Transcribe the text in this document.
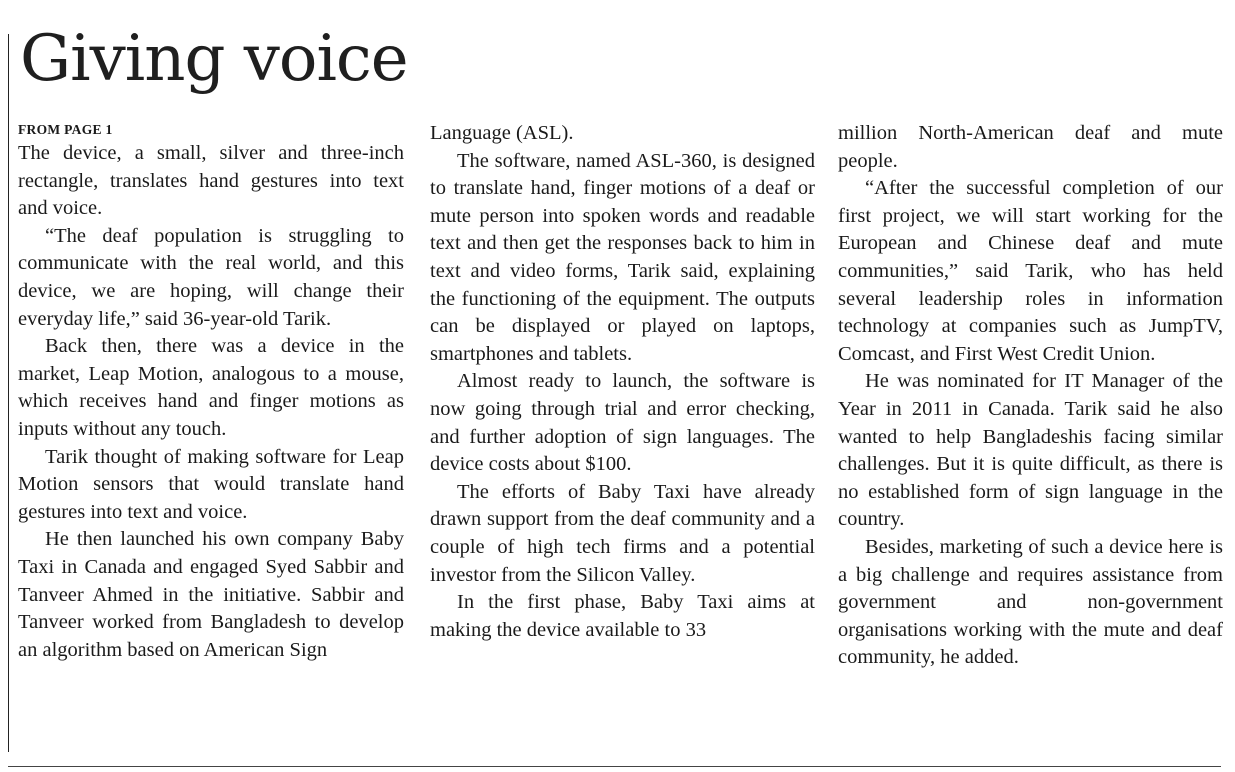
Giving voice
FROM PAGE 1

The device, a small, silver and three-inch rectangle, translates hand gestures into text and voice.

“The deaf population is struggling to communicate with the real world, and this device, we are hoping, will change their everyday life,” said 36-year-old Tarik.

Back then, there was a device in the market, Leap Motion, analogous to a mouse, which receives hand and finger motions as inputs without any touch.

Tarik thought of making software for Leap Motion sensors that would translate hand gestures into text and voice.

He then launched his own company Baby Taxi in Canada and engaged Syed Sabbir and Tanveer Ahmed in the initiative. Sabbir and Tanveer worked from Bangladesh to develop an algorithm based on American Sign

Language (ASL).

The software, named ASL-360, is designed to translate hand, finger motions of a deaf or mute person into spoken words and readable text and then get the responses back to him in text and video forms, Tarik said, explaining the functioning of the equipment. The outputs can be displayed or played on laptops, smartphones and tablets.

Almost ready to launch, the software is now going through trial and error checking, and further adoption of sign languages. The device costs about $100.

The efforts of Baby Taxi have already drawn support from the deaf community and a couple of high tech firms and a potential investor from the Silicon Valley.

In the first phase, Baby Taxi aims at making the device available to 33

million North-American deaf and mute people.

“After the successful completion of our first project, we will start working for the European and Chinese deaf and mute communities,” said Tarik, who has held several leadership roles in information technology at companies such as JumpTV, Comcast, and First West Credit Union.

He was nominated for IT Manager of the Year in 2011 in Canada. Tarik said he also wanted to help Bangladeshis facing similar challenges. But it is quite difficult, as there is no established form of sign language in the country.

Besides, marketing of such a device here is a big challenge and requires assistance from government and non-government organisations working with the mute and deaf community, he added.
